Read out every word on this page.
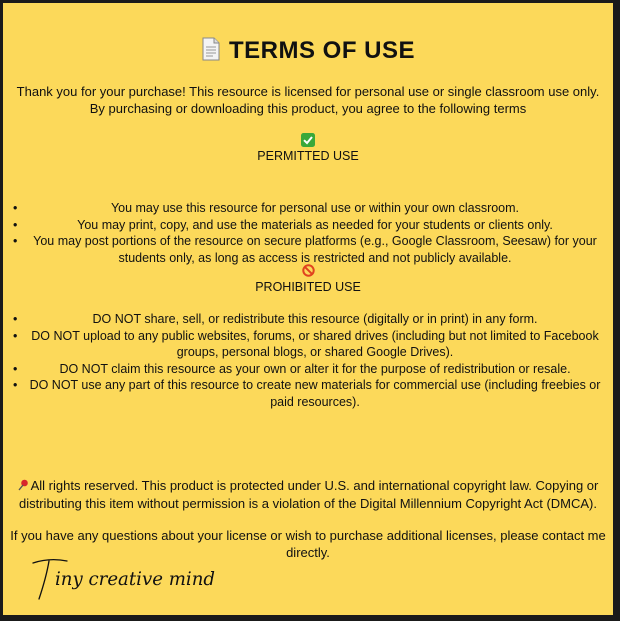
TERMS OF USE
Thank you for your purchase! This resource is licensed for personal use or single classroom use only. By purchasing or downloading this product, you agree to the following terms
PERMITTED USE
• You may use this resource for personal use or within your own classroom.
• You may print, copy, and use the materials as needed for your students or clients only.
• You may post portions of the resource on secure platforms (e.g., Google Classroom, Seesaw) for your students only, as long as access is restricted and not publicly available.
PROHIBITED USE
• DO NOT share, sell, or redistribute this resource (digitally or in print) in any form.
• DO NOT upload to any public websites, forums, or shared drives (including but not limited to Facebook groups, personal blogs, or shared Google Drives).
• DO NOT claim this resource as your own or alter it for the purpose of redistribution or resale.
• DO NOT use any part of this resource to create new materials for commercial use (including freebies or paid resources).
All rights reserved. This product is protected under U.S. and international copyright law. Copying or distributing this item without permission is a violation of the Digital Millennium Copyright Act (DMCA).
If you have any questions about your license or wish to purchase additional licenses, please contact me directly.
iny creative mind
